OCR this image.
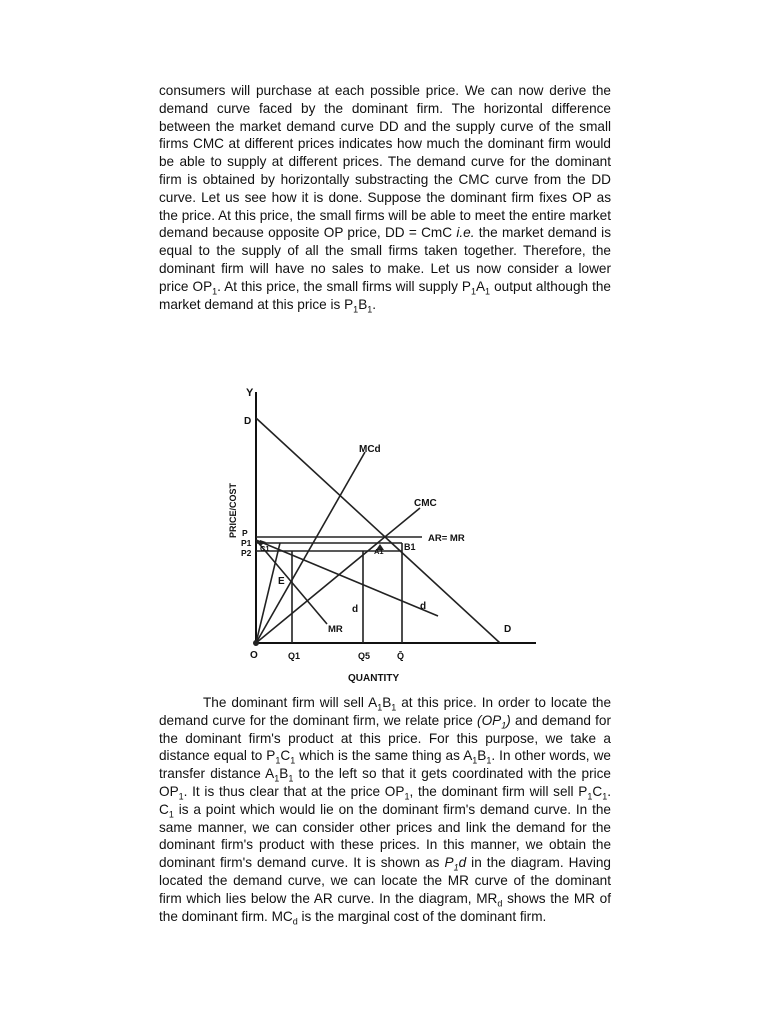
consumers will purchase at each possible price. We can now derive the demand curve faced by the dominant firm. The horizontal difference between the market demand curve DD and the supply curve of the small firms CMC at different prices indicates how much the dominant firm would be able to supply at different prices. The demand curve for the dominant firm is obtained by horizontally substracting the CMC curve from the DD curve. Let us see how it is done. Suppose the dominant firm fixes OP as the price. At this price, the small firms will be able to meet the entire market demand because opposite OP price, DD = CmC i.e. the market demand is equal to the supply of all the small firms taken together. Therefore, the dominant firm will have no sales to make. Let us now consider a lower price $OP_1$. At this price, the small firms will supply $P_1A_1$ output although the market demand at this price is $P_1B_1$.

Y
D
PRICE/COST P
P1
P2
MCd
CMC
AR= MR
B1
A1
C1
E
d
d
MR	D
O	Q1	Q5	Q̄
QUANTITY

The dominant firm will sell $A_1B_1$ at this price. In order to locate the demand curve for the dominant firm, we relate price $(OP_1)$ and demand for the dominant firm's product at this price. For this purpose, we take a distance equal to $P_1C_1$ which is the same thing as $A_1B_1$. In other words, we transfer distance $A_1B_1$ to the left so that it gets coordinated with the price $OP_1$. It is thus clear that at the price $OP_1$, the dominant firm will sell $P_1C_1$. $C_1$ is a point which would lie on the dominant firm's demand curve. In the same manner, we can consider other prices and link the demand for the dominant firm's product with these prices. In this manner, we obtain the dominant firm's demand curve. It is shown as $P_1d$ in the diagram. Having located the demand curve, we can locate the MR curve of the dominant firm which lies below the AR curve. In the diagram, $MR_d$ shows the MR of the dominant firm. $MC_d$ is the marginal cost of the dominant firm.
